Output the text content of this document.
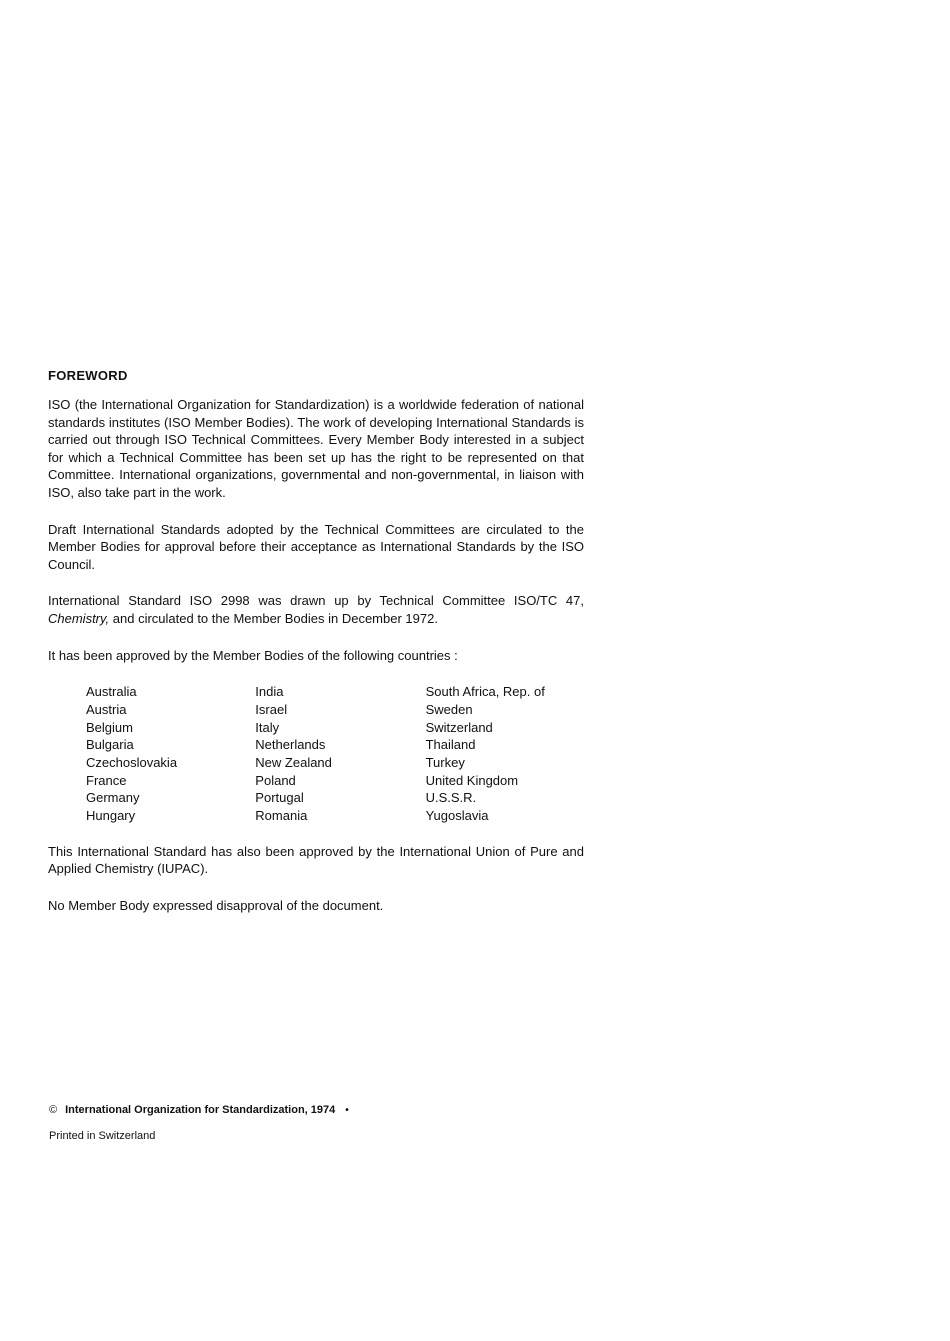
FOREWORD

ISO (the International Organization for Standardization) is a worldwide federation of national standards institutes (ISO Member Bodies). The work of developing International Standards is carried out through ISO Technical Committees. Every Member Body interested in a subject for which a Technical Committee has been set up has the right to be represented on that Committee. International organizations, governmental and non-governmental, in liaison with ISO, also take part in the work.

Draft International Standards adopted by the Technical Committees are circulated to the Member Bodies for approval before their acceptance as International Standards by the ISO Council.

International Standard ISO 2998 was drawn up by Technical Committee ISO/TC 47, Chemistry, and circulated to the Member Bodies in December 1972.

It has been approved by the Member Bodies of the following countries :

Australia
Austria
Belgium
Bulgaria
Czechoslovakia
France
Germany
Hungary
India
Israel
Italy
Netherlands
New Zealand
Poland
Portugal
Romania
South Africa, Rep. of
Sweden
Switzerland
Thailand
Turkey
United Kingdom
U.S.S.R.
Yugoslavia

This International Standard has also been approved by the International Union of Pure and Applied Chemistry (IUPAC).

No Member Body expressed disapproval of the document.

© International Organization for Standardization, 1974 •
Printed in Switzerland
